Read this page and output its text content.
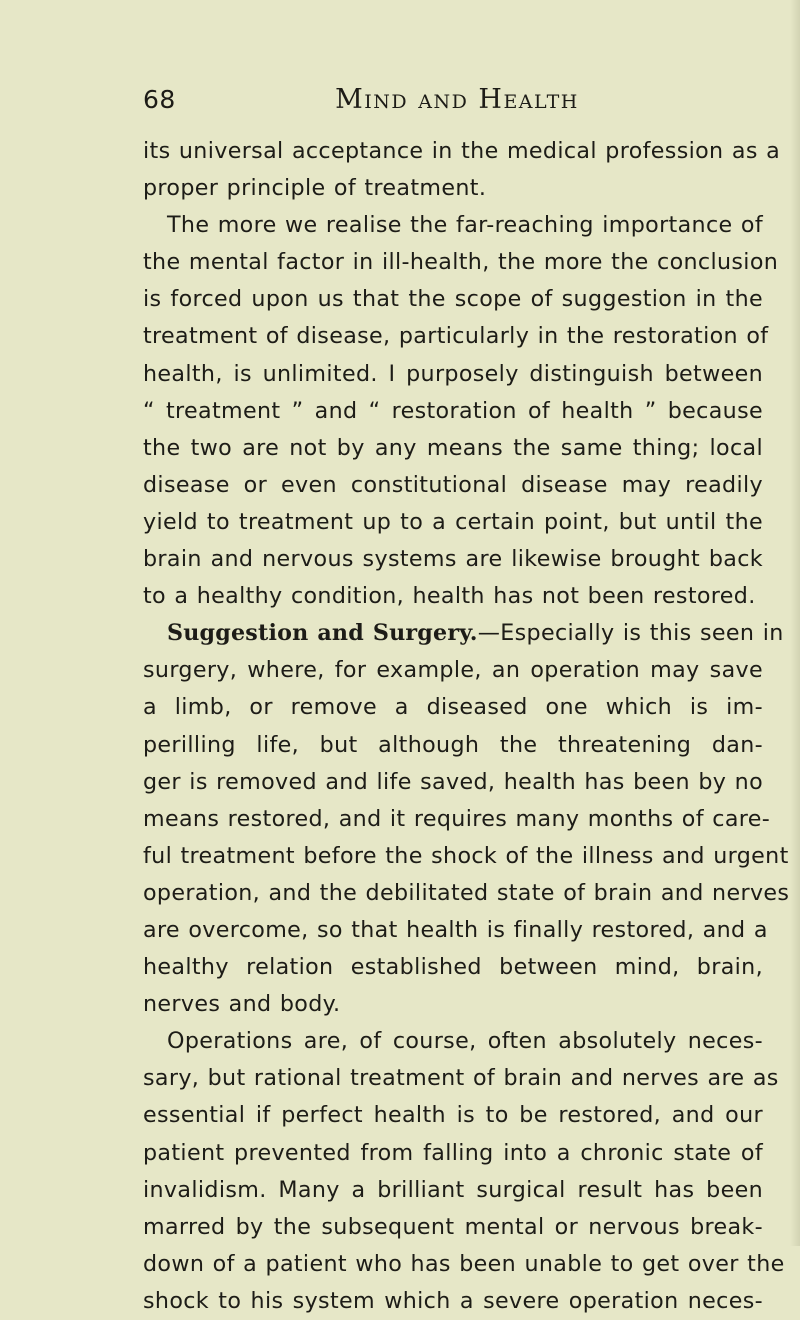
68	Mind and Health
its universal acceptance in the medical profession as a
proper principle of treatment.
The more we realise the far-reaching importance of
the mental factor in ill-health, the more the conclusion
is forced upon us that the scope of suggestion in the
treatment of disease, particularly in the restoration of
health, is unlimited. I purposely distinguish between
“ treatment ” and “ restoration of health ” because
the two are not by any means the same thing; local
disease or even constitutional disease may readily
yield to treatment up to a certain point, but until the
brain and nervous systems are likewise brought back
to a healthy condition, health has not been restored.
Suggestion and Surgery.—Especially is this seen in
surgery, where, for example, an operation may save
a limb, or remove a diseased one which is im-
perilling life, but although the threatening dan-
ger is removed and life saved, health has been by no
means restored, and it requires many months of care-
ful treatment before the shock of the illness and urgent
operation, and the debilitated state of brain and nerves
are overcome, so that health is finally restored, and a
healthy relation established between mind, brain,
nerves and body.
Operations are, of course, often absolutely neces-
sary, but rational treatment of brain and nerves are as
essential if perfect health is to be restored, and our
patient prevented from falling into a chronic state of
invalidism. Many a brilliant surgical result has been
marred by the subsequent mental or nervous break-
down of a patient who has been unable to get over the
shock to his system which a severe operation neces-
